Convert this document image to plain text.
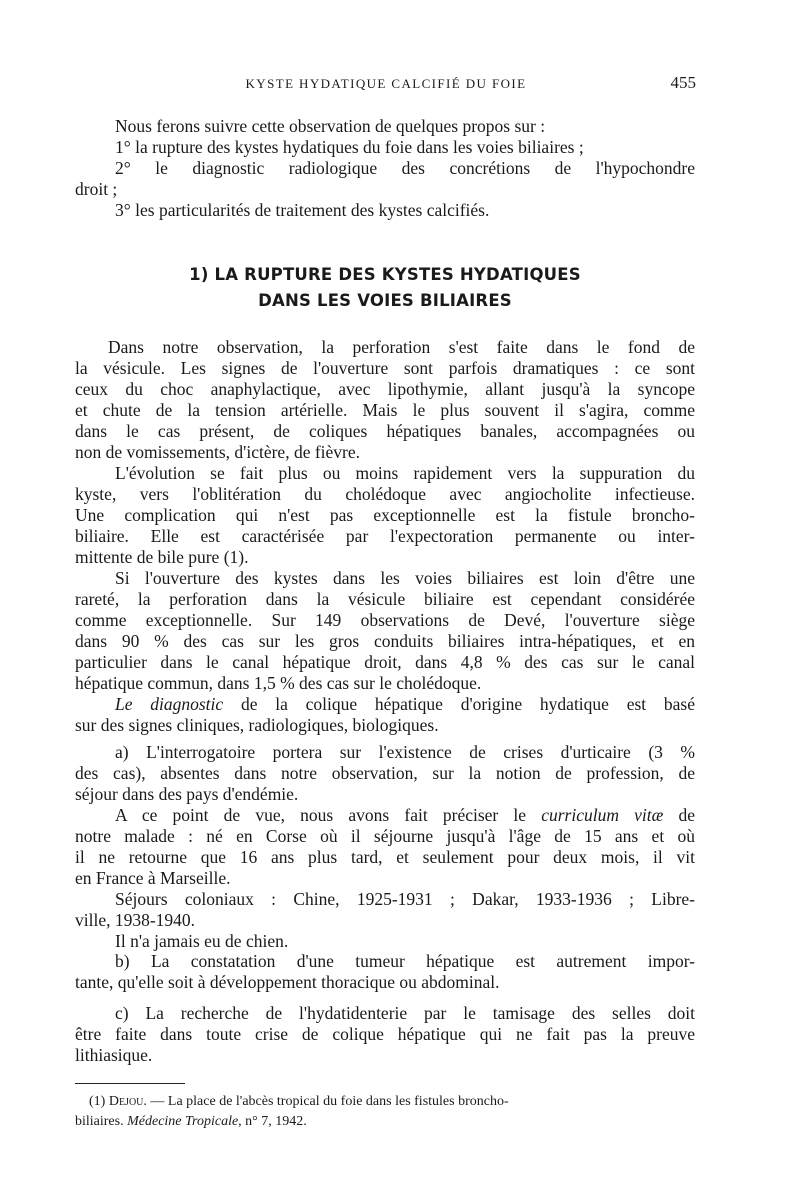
KYSTE HYDATIQUE CALCIFIÉ DU FOIE	455
Nous ferons suivre cette observation de quelques propos sur :
1° la rupture des kystes hydatiques du foie dans les voies biliaires ;
2° le diagnostic radiologique des concrétions de l'hypochondre
droit ;
3° les particularités de traitement des kystes calcifiés.
1) LA RUPTURE DES KYSTES HYDATIQUES
DANS LES VOIES BILIAIRES
Dans notre observation, la perforation s'est faite dans le fond de
la vésicule. Les signes de l'ouverture sont parfois dramatiques : ce sont
ceux du choc anaphylactique, avec lipothymie, allant jusqu'à la syncope
et chute de la tension artérielle. Mais le plus souvent il s'agira, comme
dans le cas présent, de coliques hépatiques banales, accompagnées ou
non de vomissements, d'ictère, de fièvre.
L'évolution se fait plus ou moins rapidement vers la suppuration du
kyste, vers l'oblitération du cholédoque avec angiocholite infectieuse.
Une complication qui n'est pas exceptionnelle est la fistule broncho-
biliaire. Elle est caractérisée par l'expectoration permanente ou inter-
mittente de bile pure (1).
Si l'ouverture des kystes dans les voies biliaires est loin d'être une
rareté, la perforation dans la vésicule biliaire est cependant considérée
comme exceptionnelle. Sur 149 observations de Devé, l'ouverture siège
dans 90 % des cas sur les gros conduits biliaires intra-hépatiques, et en
particulier dans le canal hépatique droit, dans 4,8 % des cas sur le canal
hépatique commun, dans 1,5 % des cas sur le cholédoque.
Le diagnostic de la colique hépatique d'origine hydatique est basé
sur des signes cliniques, radiologiques, biologiques.
a) L'interrogatoire portera sur l'existence de crises d'urticaire (3 %
des cas), absentes dans notre observation, sur la notion de profession, de
séjour dans des pays d'endémie.
A ce point de vue, nous avons fait préciser le curriculum vitæ de
notre malade : né en Corse où il séjourne jusqu'à l'âge de 15 ans et où
il ne retourne que 16 ans plus tard, et seulement pour deux mois, il vit
en France à Marseille.
Séjours coloniaux : Chine, 1925-1931 ; Dakar, 1933-1936 ; Libre-
ville, 1938-1940.
Il n'a jamais eu de chien.
b) La constatation d'une tumeur hépatique est autrement impor-
tante, qu'elle soit à développement thoracique ou abdominal.
c) La recherche de l'hydatidenterie par le tamisage des selles doit
être faite dans toute crise de colique hépatique qui ne fait pas la preuve
lithiasique.
(1) Dejou. — La place de l'abcès tropical du foie dans les fistules broncho-
biliaires. Médecine Tropicale, n° 7, 1942.
